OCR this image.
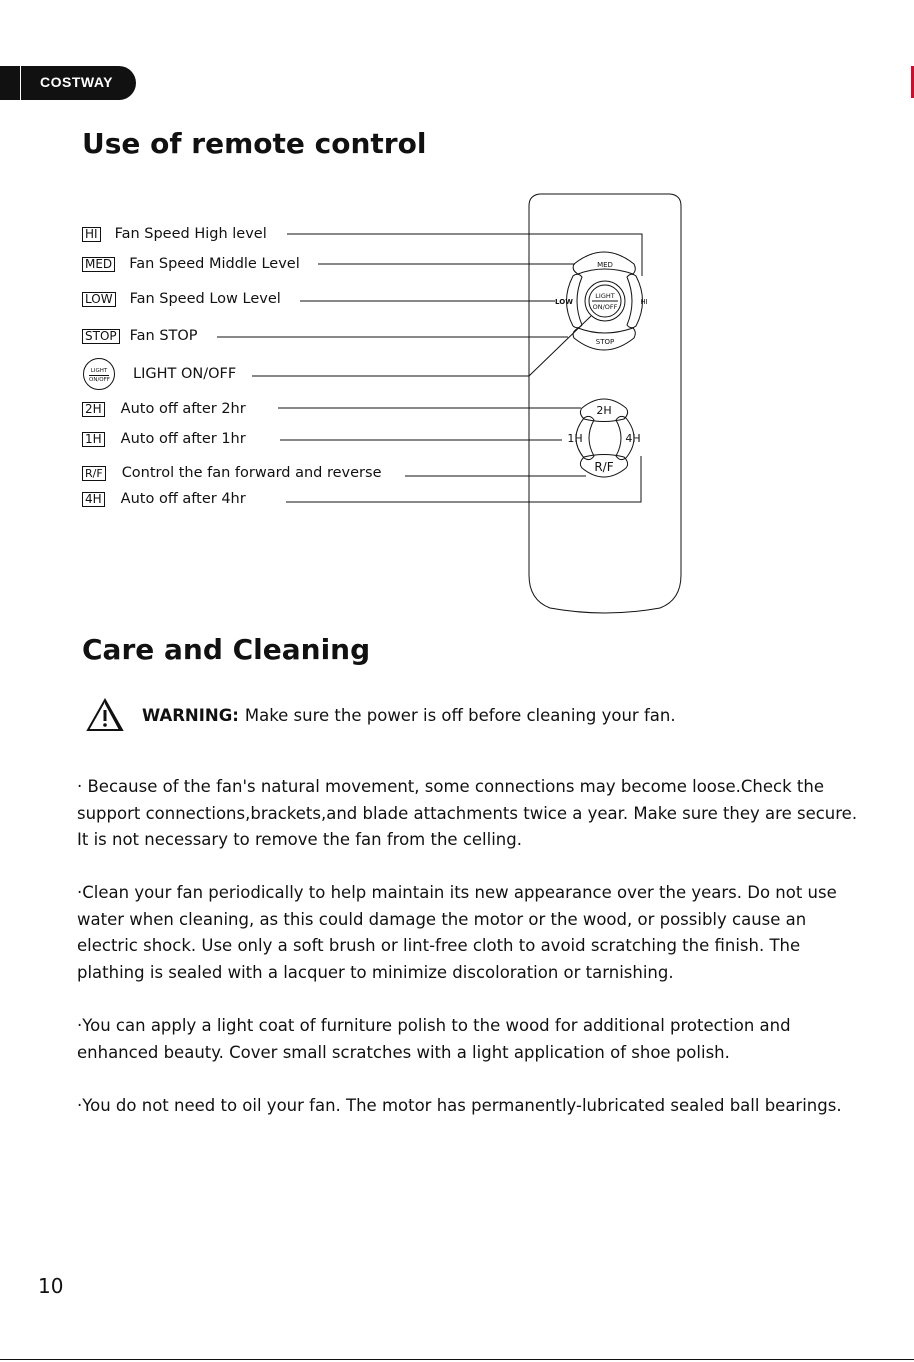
COSTWAY
Use of remote control
HI Fan Speed High level
MED Fan Speed Middle Level
LOW Fan Speed Low Level
STOP Fan STOP
LIGHT
ON/OFF LIGHT ON/OFF
2H Auto off after 2hr
1H Auto off after 1hr
R/F Control the fan forward and reverse
4H Auto off after 4hr
MED
LOW	HI
STOP
LIGHT
ON/OFF
2H
1H	4H
R/F
Care and Cleaning
WARNING: Make sure the power is off before cleaning your fan.

· Because of the fan's natural movement, some connections may become loose.Check the support connections,brackets,and blade attachments twice a year. Make sure they are secure. It is not necessary to remove the fan from the celling.

·Clean your fan periodically to help maintain its new appearance over the years. Do not use water when cleaning, as this could damage the motor or the wood, or possibly cause an electric shock. Use only a soft brush or lint-free cloth to avoid scratching the finish. The plathing is sealed with a lacquer to minimize discoloration or tarnishing.

·You can apply a light coat of furniture polish to the wood for additional protection and enhanced beauty. Cover small scratches with a light application of shoe polish.

·You do not need to oil your fan. The motor has permanently-lubricated sealed ball bearings.

10
